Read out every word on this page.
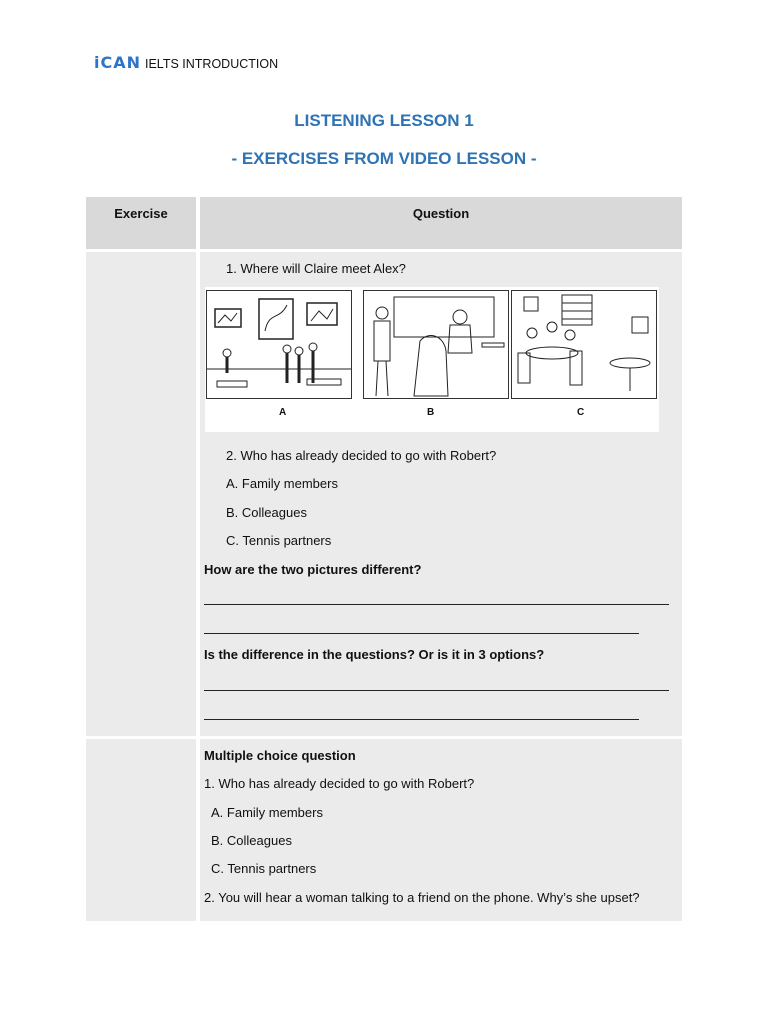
iCAN IELTS INTRODUCTION
LISTENING LESSON 1
- EXERCISES FROM VIDEO LESSON -
Exercise	Question
1. Where will Claire meet Alex?
A	B	C
2. Who has already decided to go with Robert?
A. Family members
B. Colleagues
C. Tennis partners
How are the two pictures different?
Is the difference in the questions? Or is it in 3 options?
Multiple choice question
1. Who has already decided to go with Robert?
A. Family members
B. Colleagues
C. Tennis partners
2. You will hear a woman talking to a friend on the phone. Why’s she upset?
